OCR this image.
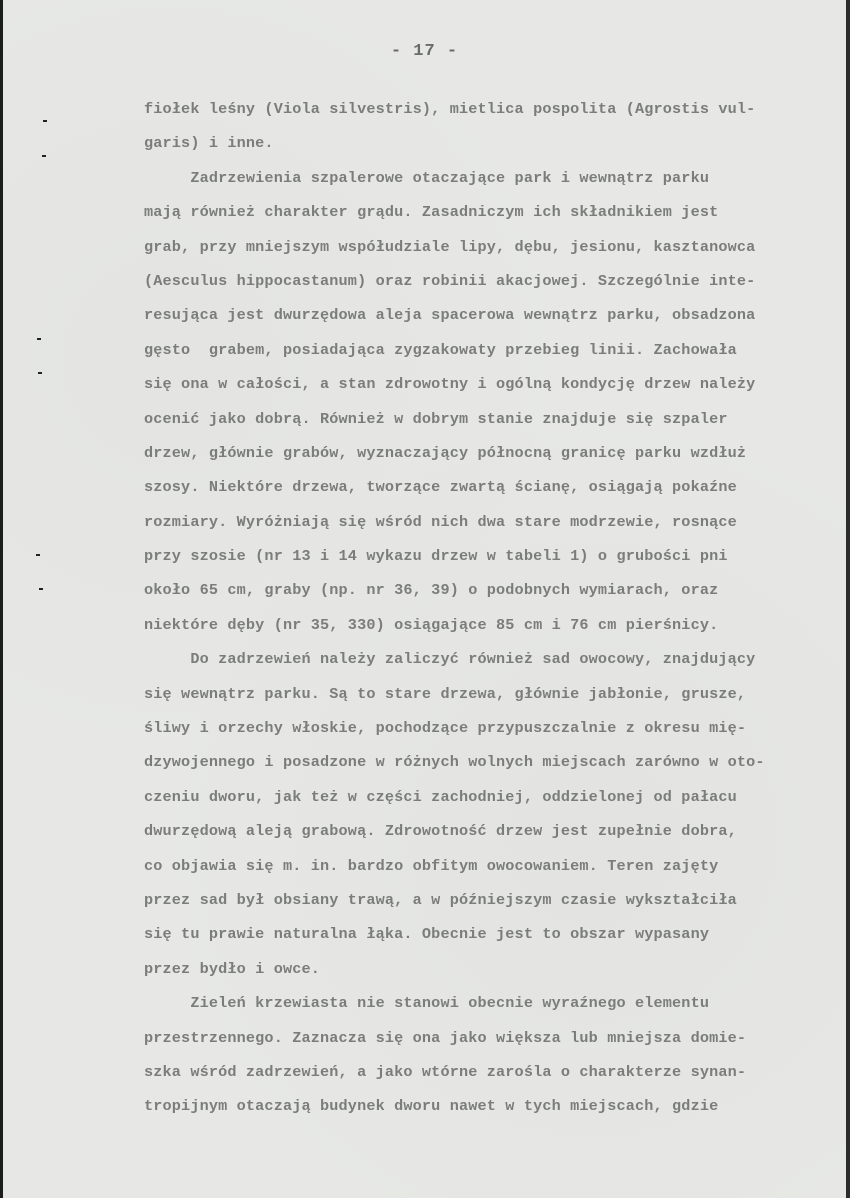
- 17 -
fiołek leśny (Viola silvestris), mietlica pospolita (Agrostis vul-
garis) i inne.
Zadrzewienia szpalerowe otaczające park i wewnątrz parku
mają również charakter grądu. Zasadniczym ich składnikiem jest
grab, przy mniejszym współudziale lipy, dębu, jesionu, kasztanowca
(Aesculus hippocastanum) oraz robinii akacjowej. Szczególnie inte-
resująca jest dwurzędowa aleja spacerowa wewnątrz parku, obsadzona
gęsto  grabem, posiadająca zygzakowaty przebieg linii. Zachowała
się ona w całości, a stan zdrowotny i ogólną kondycję drzew należy
ocenić jako dobrą. Również w dobrym stanie znajduje się szpaler
drzew, głównie grabów, wyznaczający północną granicę parku wzdłuż
szosy. Niektóre drzewa, tworzące zwartą ścianę, osiągają pokaźne
rozmiary. Wyróżniają się wśród nich dwa stare modrzewie, rosnące
przy szosie (nr 13 i 14 wykazu drzew w tabeli 1) o grubości pni
około 65 cm, graby (np. nr 36, 39) o podobnych wymiarach, oraz
niektóre dęby (nr 35, 330) osiągające 85 cm i 76 cm pierśnicy.
Do zadrzewień należy zaliczyć również sad owocowy, znajdujący
się wewnątrz parku. Są to stare drzewa, głównie jabłonie, grusze,
śliwy i orzechy włoskie, pochodzące przypuszczalnie z okresu mię-
dzywojennego i posadzone w różnych wolnych miejscach zarówno w oto-
czeniu dworu, jak też w części zachodniej, oddzielonej od pałacu
dwurzędową aleją grabową. Zdrowotność drzew jest zupełnie dobra,
co objawia się m. in. bardzo obfitym owocowaniem. Teren zajęty
przez sad był obsiany trawą, a w późniejszym czasie wykształciła
się tu prawie naturalna łąka. Obecnie jest to obszar wypasany
przez bydło i owce.
Zieleń krzewiasta nie stanowi obecnie wyraźnego elementu
przestrzennego. Zaznacza się ona jako większa lub mniejsza domie-
szka wśród zadrzewień, a jako wtórne zarośla o charakterze synan-
tropijnym otaczają budynek dworu nawet w tych miejscach, gdzie
